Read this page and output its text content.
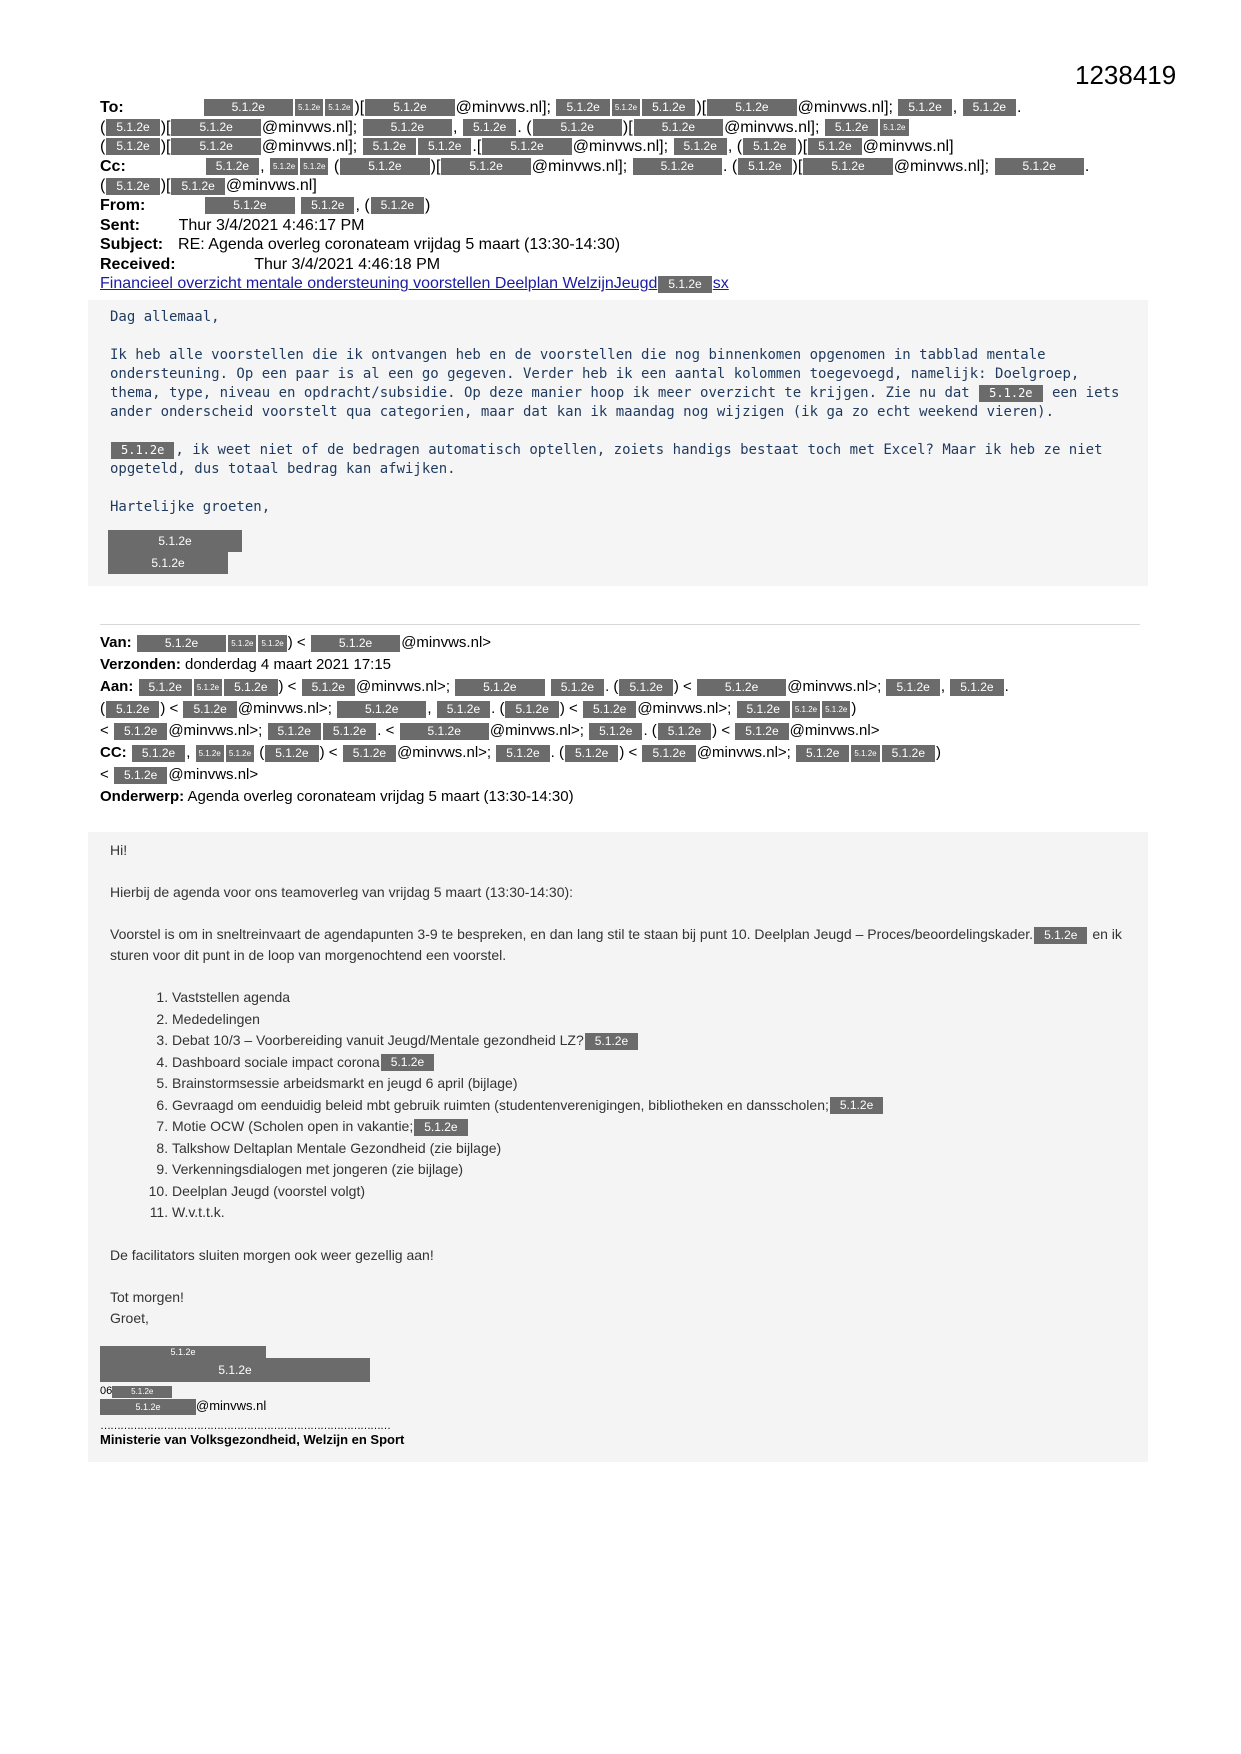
1238419
To:	5.1.2e	5.1.2e 5.1.2e )[ 5.1.2e @minvws.nl]; 5.1.2e 5.1.2e 5.1.2e )[ 5.1.2e @minvws.nl]; 5.1.2e , 5.1.2e .
( 5.1.2e )[ 5.1.2e @minvws.nl]; 5.1.2e , 5.1.2e . ( 5.1.2e )[ 5.1.2e @minvws.nl]; 5.1.2e 5.1.2e
( 5.1.2e )[ 5.1.2e @minvws.nl]; 5.1.2e 5.1.2e .[ 5.1.2e @minvws.nl]; 5.1.2e , ( 5.1.2e )[ 5.1.2e @minvws.nl]
Cc:	5.1.2e , 5.1.2e 5.1.2e ( 5.1.2e )[ 5.1.2e @minvws.nl]; 5.1.2e . ( 5.1.2e )[ 5.1.2e @minvws.nl]; 5.1.2e .
( 5.1.2e )[ 5.1.2e @minvws.nl]
From:	5.1.2e	5.1.2e , ( 5.1.2e )
Sent: Thur 3/4/2021 4:46:17 PM
Subject: RE: Agenda overleg coronateam vrijdag 5 maart (13:30-14:30)
Received:	Thur 3/4/2021 4:46:18 PM
Financieel overzicht mentale ondersteuning voorstellen Deelplan WelzijnJeugd 5.1.2e sx

Dag allemaal,

Ik heb alle voorstellen die ik ontvangen heb en de voorstellen die nog binnenkomen opgenomen in tabblad mentale ondersteuning. Op een paar is al een go gegeven. Verder heb ik een aantal kolommen toegevoegd, namelijk: Doelgroep, thema, type, niveau en opdracht/subsidie. Op deze manier hoop ik meer overzicht te krijgen. Zie nu dat 5.1.2e een iets ander onderscheid voorstelt qua categorien, maar dat kan ik maandag nog wijzigen (ik ga zo echt weekend vieren).

5.1.2e , ik weet niet of de bedragen automatisch optellen, zoiets handigs bestaat toch met Excel? Maar ik heb ze niet opgeteld, dus totaal bedrag kan afwijken.

Hartelijke groeten,

5.1.2e
5.1.2e
Van:	5.1.2e	5.1.2e 5.1.2e ) < 5.1.2e @minvws.nl>
Verzonden: donderdag 4 maart 2021 17:15
Aan: 5.1.2e 5.1.2e 5.1.2e ) < 5.1.2e @minvws.nl>; 5.1.2e	5.1.2e . ( 5.1.2e ) < 5.1.2e @minvws.nl>; 5.1.2e , 5.1.2e .
( 5.1.2e ) < 5.1.2e @minvws.nl>; 5.1.2e , 5.1.2e . ( 5.1.2e ) < 5.1.2e @minvws.nl>; 5.1.2e 5.1.2e 5.1.2e )
< 5.1.2e @minvws.nl>; 5.1.2e 5.1.2e . < 5.1.2e @minvws.nl>; 5.1.2e . ( 5.1.2e ) < 5.1.2e @minvws.nl>
CC: 5.1.2e , 5.1.2e 5.1.2e ( 5.1.2e ) < 5.1.2e @minvws.nl>; 5.1.2e . ( 5.1.2e ) < 5.1.2e @minvws.nl>; 5.1.2e 5.1.2e 5.1.2e )
< 5.1.2e @minvws.nl>
Onderwerp: Agenda overleg coronateam vrijdag 5 maart (13:30-14:30)

Hi!

Hierbij de agenda voor ons teamoverleg van vrijdag 5 maart (13:30-14:30):

Voorstel is om in sneltreinvaart de agendapunten 3-9 te bespreken, en dan lang stil te staan bij punt 10. Deelplan Jeugd – Proces/beoordelingskader. 5.1.2e en ik sturen voor dit punt in de loop van morgenochtend een voorstel.

1. Vaststellen agenda
2. Mededelingen
3. Debat 10/3 – Voorbereiding vanuit Jeugd/Mentale gezondheid LZ? 5.1.2e
4. Dashboard sociale impact corona 5.1.2e
5. Brainstormsessie arbeidsmarkt en jeugd 6 april (bijlage)
6. Gevraagd om eenduidig beleid mbt gebruik ruimten (studentenverenigingen, bibliotheken en dansscholen; 5.1.2e
7. Motie OCW (Scholen open in vakantie; 5.1.2e
8. Talkshow Deltaplan Mentale Gezondheid (zie bijlage)
9. Verkenningsdialogen met jongeren (zie bijlage)
10. Deelplan Jeugd (voorstel volgt)
11. W.v.t.t.k.

De facilitators sluiten morgen ook weer gezellig aan!

Tot morgen!
Groet,
5.1.2e
5.1.2e
06 5.1.2e
5.1.2e	@minvws.nl
……………………………………………………………………………
Ministerie van Volksgezondheid, Welzijn en Sport
